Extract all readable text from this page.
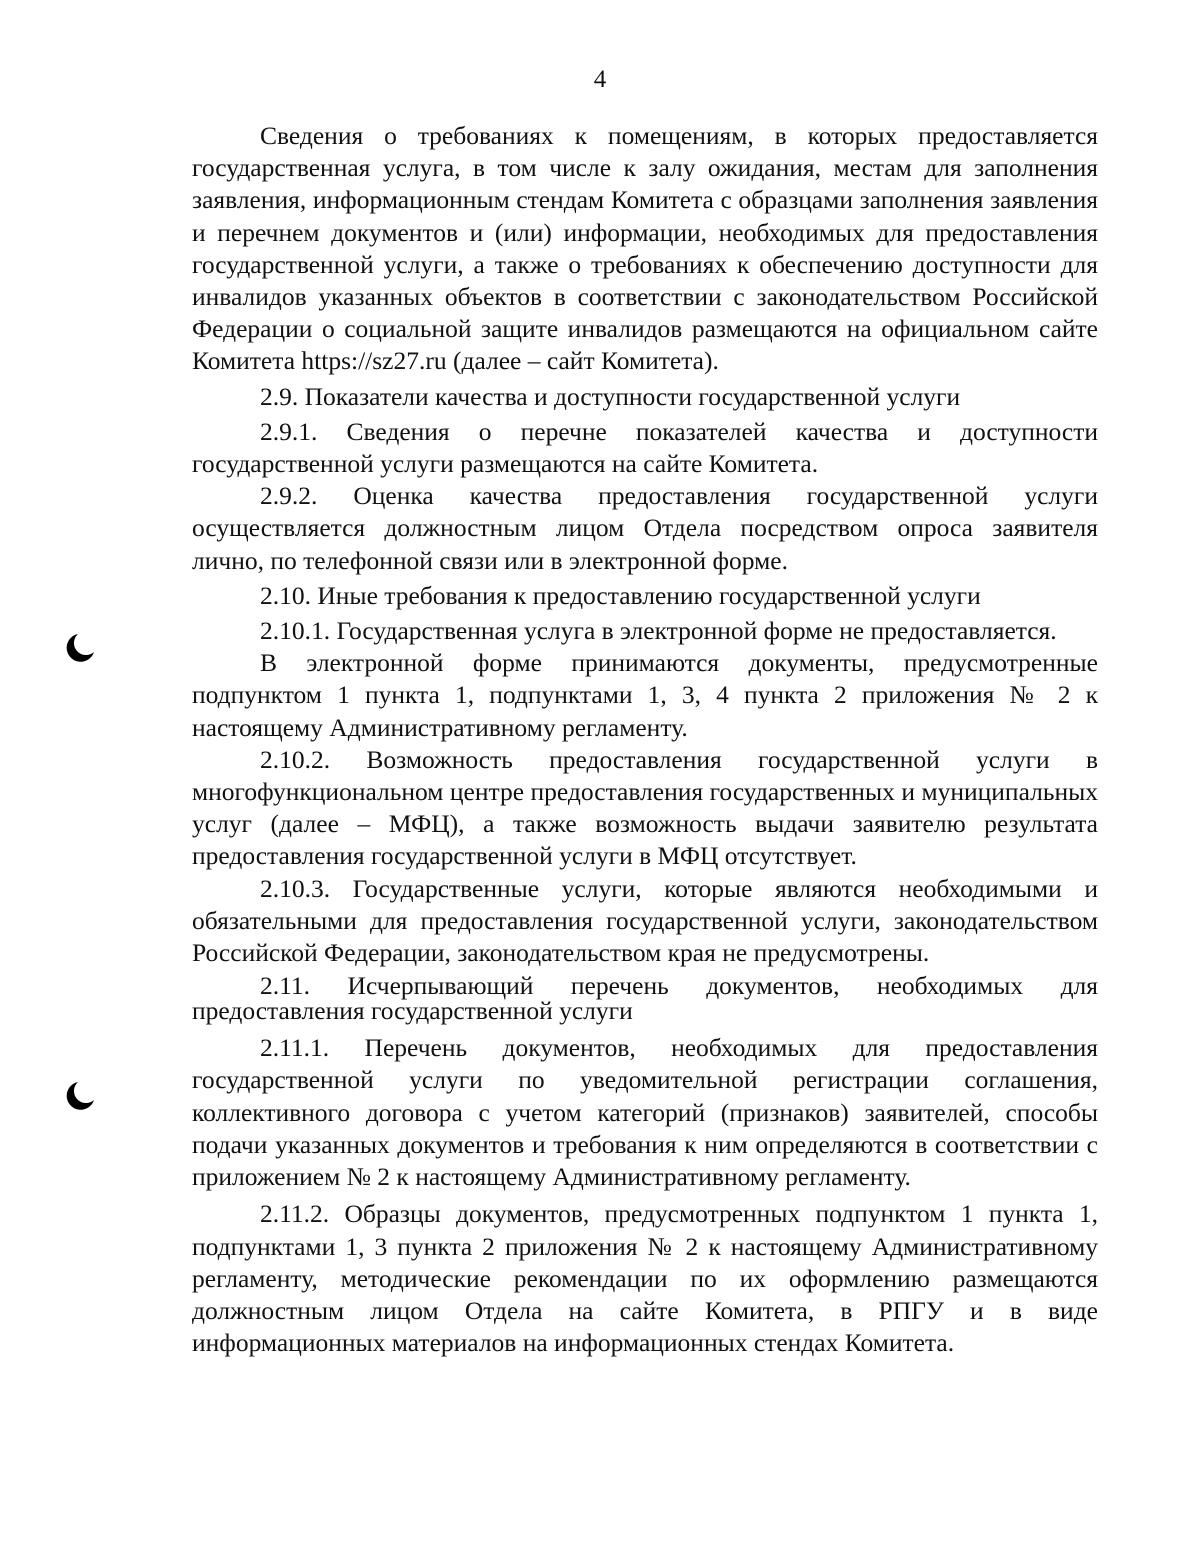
4

Сведения о требованиях к помещениям, в которых предоставляется государственная услуга, в том числе к залу ожидания, местам для заполнения заявления, информационным стендам Комитета с образцами заполнения заявления и перечнем документов и (или) информации, необходимых для предоставления государственной услуги, а также о требованиях к обеспечению доступности для инвалидов указанных объектов в соответствии с законодательством Российской Федерации о социальной защите инвалидов размещаются на официальном сайте Комитета https://sz27.ru (далее – сайт Комитета).

2.9. Показатели качества и доступности государственной услуги

2.9.1. Сведения о перечне показателей качества и доступности государственной услуги размещаются на сайте Комитета.

2.9.2. Оценка качества предоставления государственной услуги осуществляется должностным лицом Отдела посредством опроса заявителя лично, по телефонной связи или в электронной форме.

2.10. Иные требования к предоставлению государственной услуги

2.10.1. Государственная услуга в электронной форме не предоставляется.

В электронной форме принимаются документы, предусмотренные подпунктом 1 пункта 1, подпунктами 1, 3, 4 пункта 2 приложения № 2 к настоящему Административному регламенту.

2.10.2. Возможность предоставления государственной услуги в многофункциональном центре предоставления государственных и муниципальных услуг (далее – МФЦ), а также возможность выдачи заявителю результата предоставления государственной услуги в МФЦ отсутствует.

2.10.3. Государственные услуги, которые являются необходимыми и обязательными для предоставления государственной услуги, законодательством Российской Федерации, законодательством края не предусмотрены.

2.11. Исчерпывающий перечень документов, необходимых для предоставления государственной услуги

2.11.1. Перечень документов, необходимых для предоставления государственной услуги по уведомительной регистрации соглашения, коллективного договора с учетом категорий (признаков) заявителей, способы подачи указанных документов и требования к ним определяются в соответствии с приложением № 2 к настоящему Административному регламенту.

2.11.2. Образцы документов, предусмотренных подпунктом 1 пункта 1, подпунктами 1, 3 пункта 2 приложения № 2 к настоящему Административному регламенту, методические рекомендации по их оформлению размещаются должностным лицом Отдела на сайте Комитета, в РПГУ и в виде информационных материалов на информационных стендах Комитета.
